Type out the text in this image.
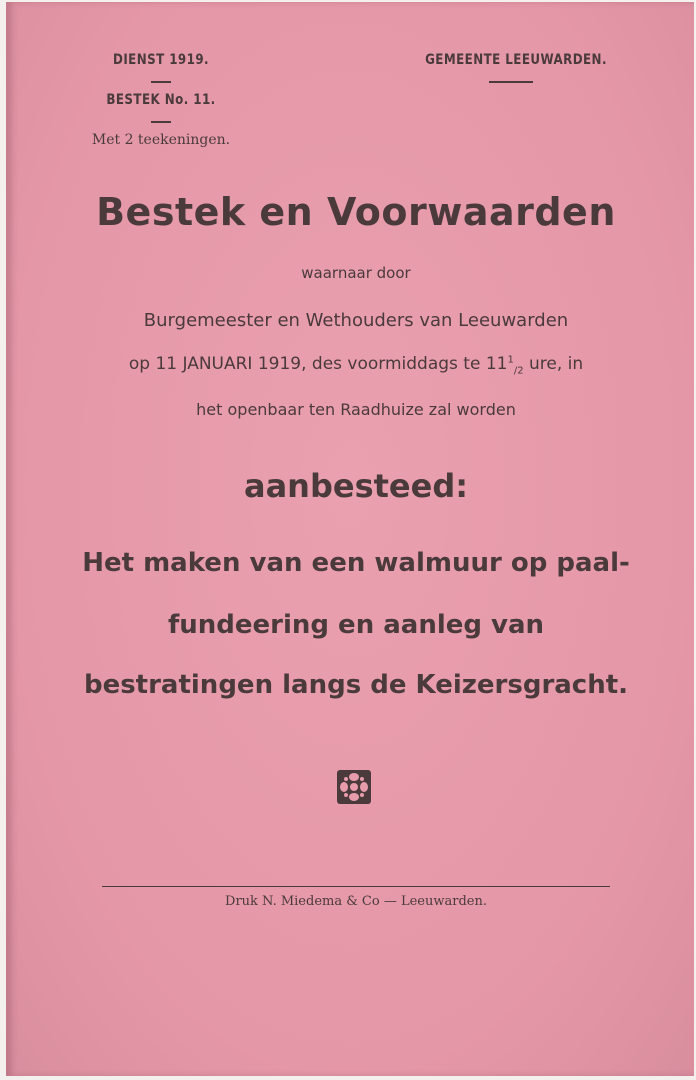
DIENST 1919.
BESTEK No. 11.
Met 2 teekeningen.
GEMEENTE LEEUWARDEN.
Bestek en Voorwaarden
waarnaar door
Burgemeester en Wethouders van Leeuwarden
op 11 JANUARI 1919, des voormiddags te $11^1_{/2}$ ure, in
het openbaar ten Raadhuize zal worden
aanbesteed:
Het maken van een walmuur op paal-
fundeering en aanleg van
bestratingen langs de Keizersgracht.
Druk N. Miedema & Co — Leeuwarden.
